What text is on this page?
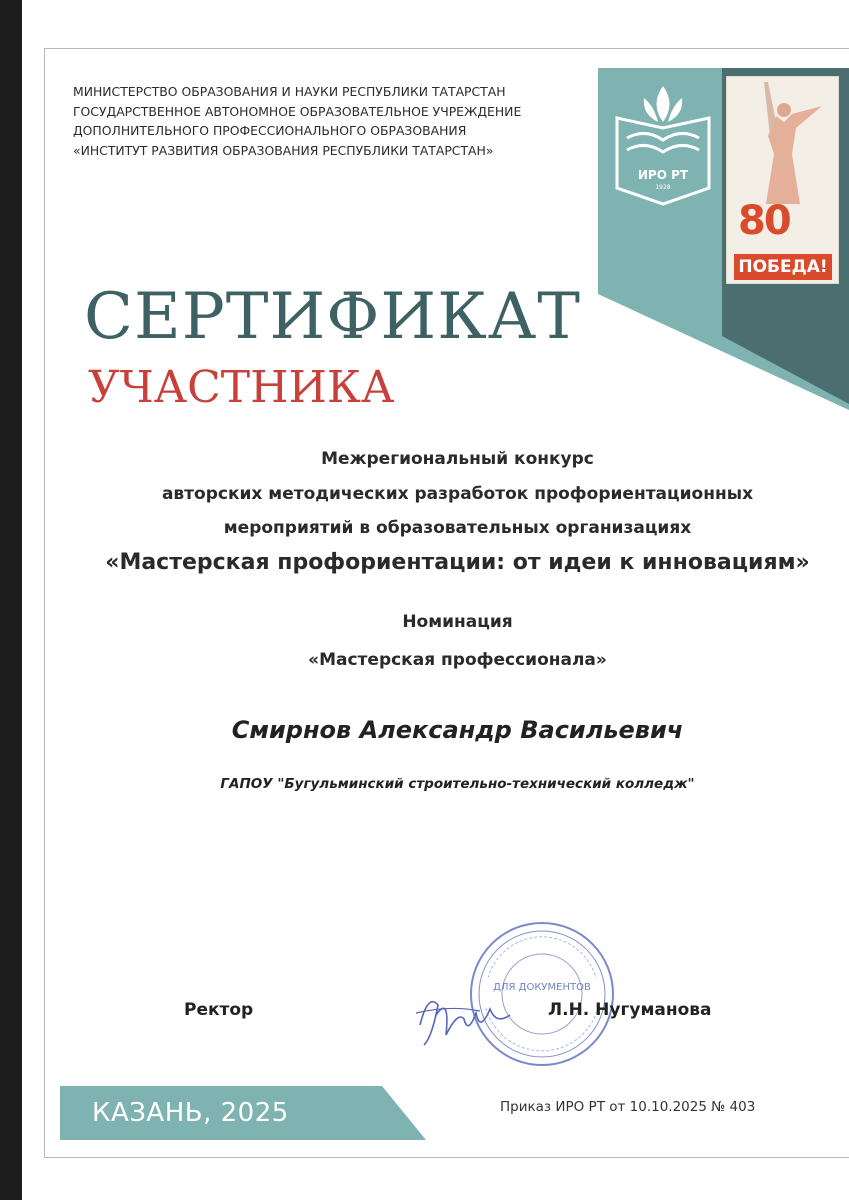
ИРО РТ
1928
80
ПОБЕДА!
МИНИСТЕРСТВО ОБРАЗОВАНИЯ И НАУКИ РЕСПУБЛИКИ ТАТАРСТАН
ГОСУДАРСТВЕННОЕ АВТОНОМНОЕ ОБРАЗОВАТЕЛЬНОЕ УЧРЕЖДЕНИЕ
ДОПОЛНИТЕЛЬНОГО ПРОФЕССИОНАЛЬНОГО ОБРАЗОВАНИЯ
«ИНСТИТУТ РАЗВИТИЯ ОБРАЗОВАНИЯ РЕСПУБЛИКИ ТАТАРСТАН»
СЕРТИФИКАТ
УЧАСТНИКА
Межрегиональный конкурс
авторских методических разработок профориентационных
мероприятий в образовательных организациях
«Мастерская профориентации: от идеи к инновациям»
Номинация
«Мастерская профессионала»
Смирнов Александр Васильевич
ГАПОУ "Бугульминский строительно-технический колледж"
ДЛЯ ДОКУМЕНТОВ
Ректор	Л.Н. Нугуманова
КАЗАНЬ, 2025	Приказ ИРО РТ от 10.10.2025 № 403
